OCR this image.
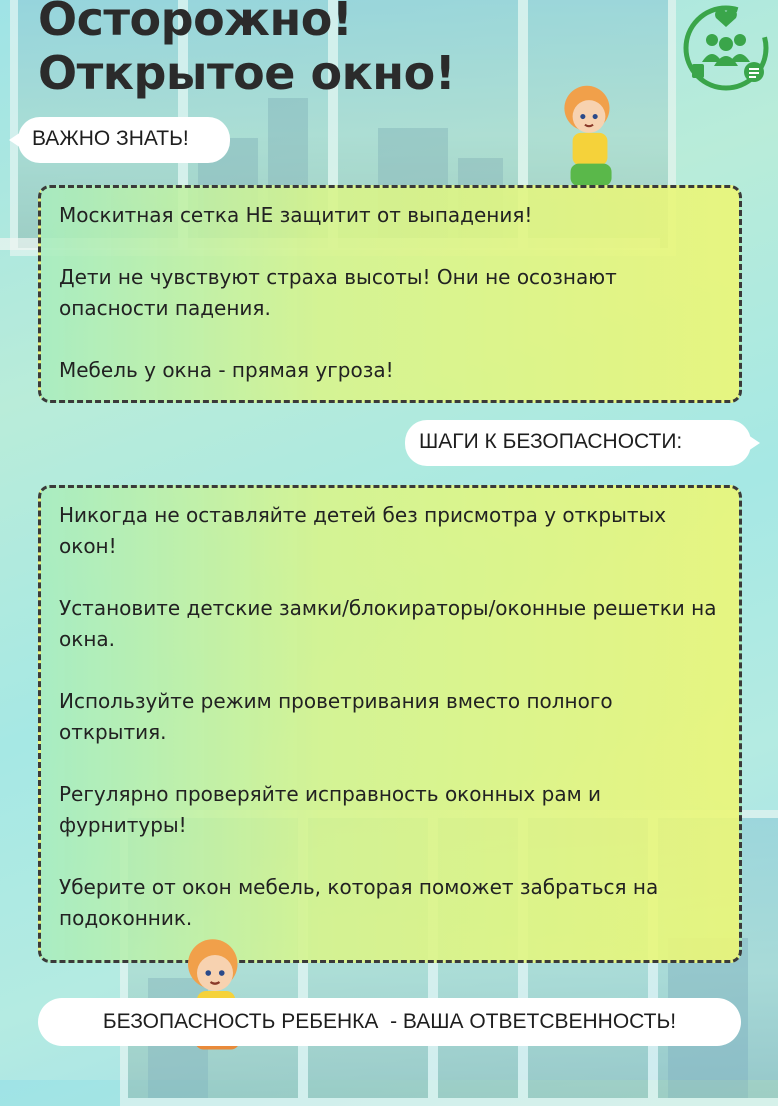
Осторожно!
Открытое окно!
ВАЖНО ЗНАТЬ!

Москитная сетка НЕ защитит от выпадения!

Дети не чувствуют страха высоты! Они не осознают опасности падения.

Мебель у окна - прямая угроза!

ШАГИ К БЕЗОПАСНОСТИ:

Никогда не оставляйте детей без присмотра у открытых окон!

Установите детские замки/блокираторы/оконные решетки на окна.

Используйте режим проветривания вместо полного открытия.

Регулярно проверяйте исправность оконных рам и фурнитуры!

Уберите от окон мебель, которая поможет забраться на подоконник.

БЕЗОПАСНОСТЬ РЕБЕНКА  - ВАША ОТВЕТСВЕННОСТЬ!
